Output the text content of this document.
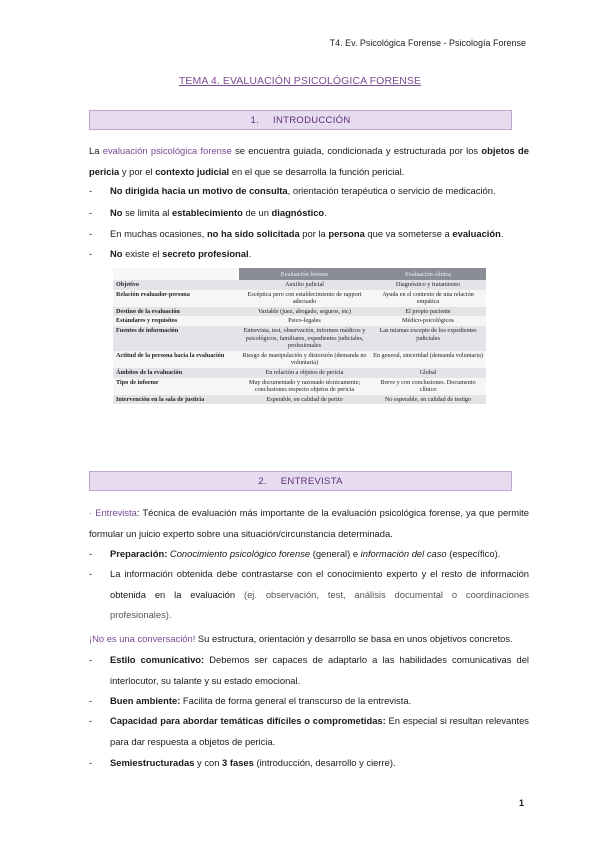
T4. Ev. Psicológica Forense - Psicología Forense
TEMA 4. EVALUACIÓN PSICOLÓGICA FORENSE
1. INTRODUCCIÓN
La evaluación psicológica forense se encuentra guiada, condicionada y estructurada por los objetos de pericia y por el contexto judicial en el que se desarrolla la función pericial.
-	No dirigida hacia un motivo de consulta, orientación terapéutica o servicio de medicación.
-	No se limita al establecimiento de un diagnóstico.
-	En muchas ocasiones, no ha sido solicitada por la persona que va someterse a evaluación.
-	No existe el secreto profesional.
	Evaluación forense	Evaluación clínica
Objetivo	Auxilio judicial	Diagnóstico y tratamiento
Relación evaluador-persona	Escéptica pero con establecimiento de rapport adecuado	Ayuda en el contexto de una relación empática
Destino de la evaluación	Variable (juez, abogado, seguros, etc)	El propio paciente
Estándares y requisitos	Psico-legales	Médico-psicológicos
Fuentes de información	Entrevista, test, observación, informes médicos y psicológicos, familiares, expedientes judiciales, profesionales	Las mismas excepto de los expedientes judiciales
Actitud de la persona hacia la evaluación	Riesgo de manipulación y distorsión (demanda no voluntaria)	En general, sinceridad (demanda voluntaria)
Ámbitos de la evaluación	En relación a objetos de pericia	Global
Tipo de informe	Muy documentado y razonado técnicamente; conclusiones respecto objetos de pericia	Breve y con conclusiones. Documento clínico
Intervención en la sala de justicia	Esperable, en calidad de perito	No esperable, en calidad de testigo
2. ENTREVISTA
· Entrevista: Técnica de evaluación más importante de la evaluación psicológica forense, ya que permite formular un juicio experto sobre una situación/circunstancia determinada.
-	Preparación: Conocimiento psicológico forense (general) e información del caso (específico).
-	La información obtenida debe contrastarse con el conocimiento experto y el resto de información obtenida en la evaluación (ej. observación, test, análisis documental o coordinaciones profesionales).
¡No es una conversación! Su estructura, orientación y desarrollo se basa en unos objetivos concretos.
-	Estilo comunicativo: Debemos ser capaces de adaptarlo a las habilidades comunicativas del interlocutor, su talante y su estado emocional.
-	Buen ambiente: Facilita de forma general el transcurso de la entrevista.
-	Capacidad para abordar temáticas difíciles o comprometidas: En especial si resultan relevantes para dar respuesta a objetos de pericia.
-	Semiestructuradas y con 3 fases (introducción, desarrollo y cierre).
1
